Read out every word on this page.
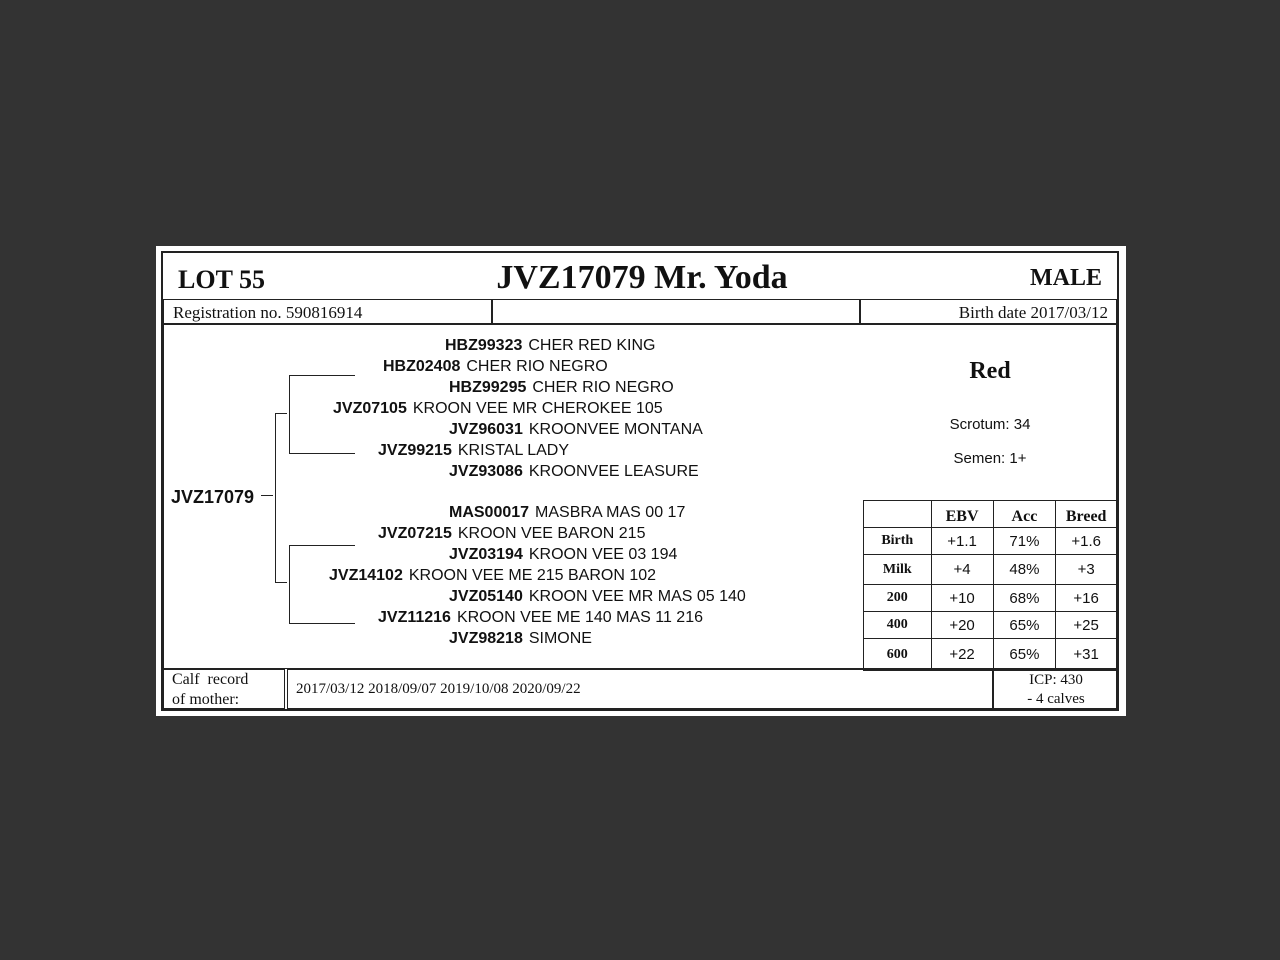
LOT 55	JVZ17079 Mr. Yoda	MALE
Registration no. 590816914	Birth date 2017/03/12
JVZ17079
HBZ99323 CHER RED KING
HBZ02408 CHER RIO NEGRO
HBZ99295 CHER RIO NEGRO
JVZ07105 KROON VEE MR CHEROKEE 105
JVZ96031 KROONVEE MONTANA
JVZ99215 KRISTAL LADY
JVZ93086 KROONVEE LEASURE
MAS00017 MASBRA MAS 00 17
JVZ07215 KROON VEE BARON 215
JVZ03194 KROON VEE 03 194
JVZ14102 KROON VEE ME 215 BARON 102
JVZ05140 KROON VEE MR MAS 05 140
JVZ11216 KROON VEE ME 140 MAS 11 216
JVZ98218 SIMONE
Red
Scrotum: 34
Semen: 1+
	EBV	Acc	Breed
Birth	+1.1	71%	+1.6
Milk	+4	48%	+3
200	+10	68%	+16
400	+20	65%	+25
600	+22	65%	+31
Calf  record
of mother:
2017/03/12 2018/09/07 2019/10/08 2020/09/22
ICP: 430
- 4 calves
